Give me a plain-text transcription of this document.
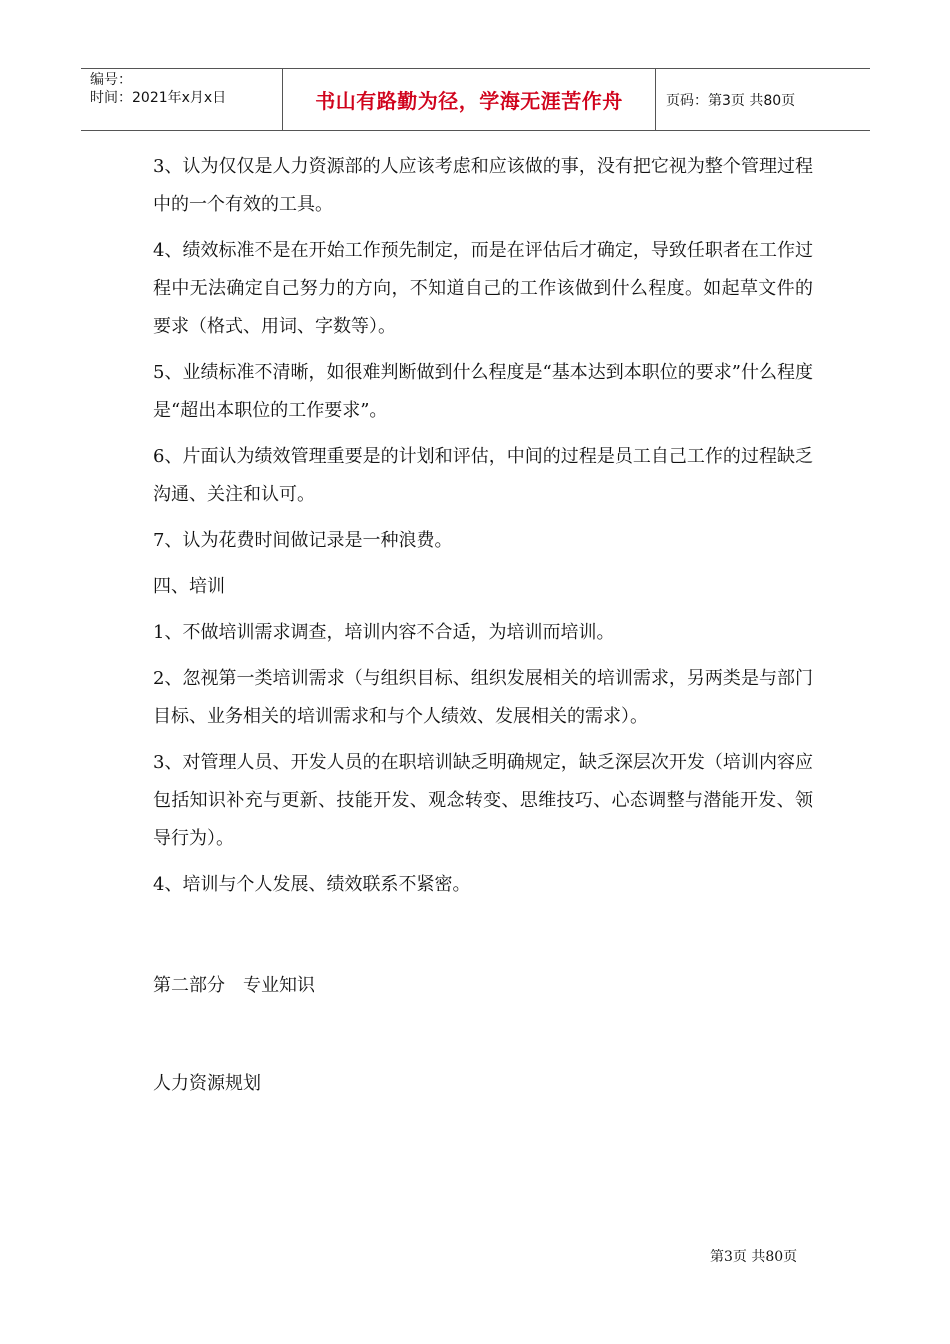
编号：
时间：2021年x月x日	书山有路勤为径，学海无涯苦作舟	页码：第3页 共80页

3、认为仅仅是人力资源部的人应该考虑和应该做的事，没有把它视为整个管理过程中的一个有效的工具。

4、绩效标准不是在开始工作预先制定，而是在评估后才确定，导致任职者在工作过程中无法确定自己努力的方向，不知道自己的工作该做到什么程度。如起草文件的要求（格式、用词、字数等）。

5、业绩标准不清晰，如很难判断做到什么程度是“基本达到本职位的要求”什么程度是“超出本职位的工作要求”。

6、片面认为绩效管理重要是的计划和评估，中间的过程是员工自己工作的过程缺乏沟通、关注和认可。

7、认为花费时间做记录是一种浪费。

四、培训

1、不做培训需求调查，培训内容不合适，为培训而培训。

2、忽视第一类培训需求（与组织目标、组织发展相关的培训需求，另两类是与部门目标、业务相关的培训需求和与个人绩效、发展相关的需求）。

3、对管理人员、开发人员的在职培训缺乏明确规定，缺乏深层次开发（培训内容应包括知识补充与更新、技能开发、观念转变、思维技巧、心态调整与潜能开发、领导行为）。

4、培训与个人发展、绩效联系不紧密。

第二部分　专业知识
人力资源规划
第3页 共80页
